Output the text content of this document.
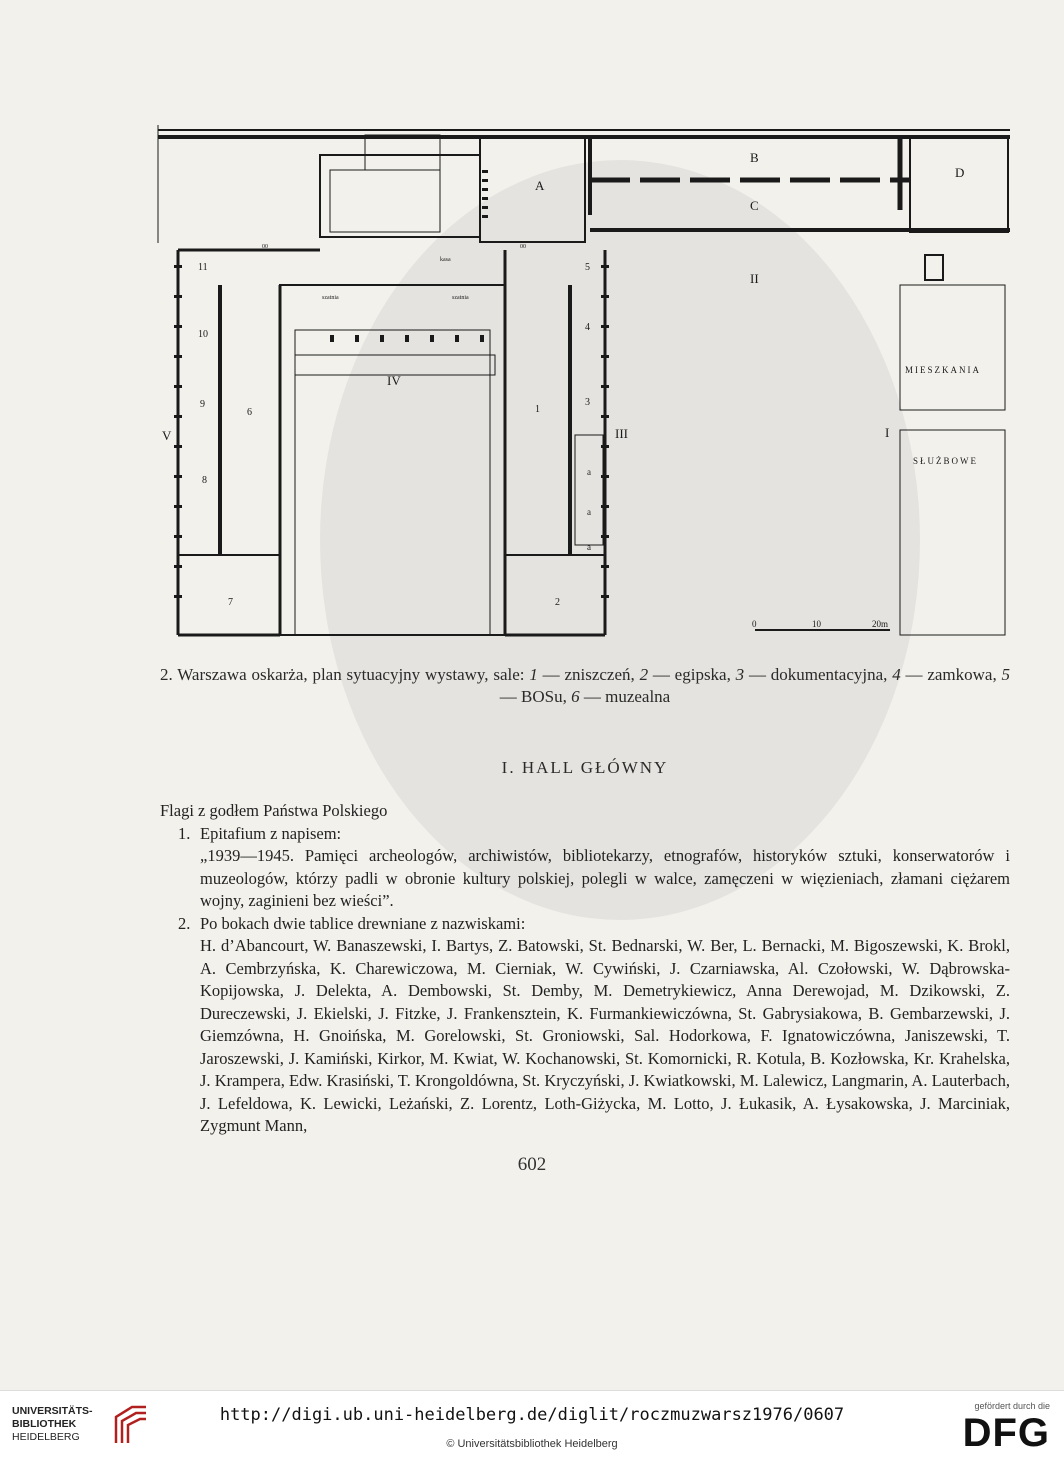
A
B
C
D
II
I
III
IV
V
1
2
3
4
5
6
7
8
9
10
11
a
a
a
szatnia	szatnia
kasa
00	00
MIESZKANIA
SŁUŻBOWE
0	10	20m
2. Warszawa oskarża, plan sytuacyjny wystawy, sale: 1 — zniszczeń, 2 — egipska, 3 — dokumentacyjna, 4 — zamkowa, 5 — BOSu, 6 — muzealna
I. HALL GŁÓWNY

Flagi z godłem Państwa Polskiego

1. Epitafium z napisem:

„1939—1945. Pamięci archeologów, archiwistów, bibliotekarzy, etnografów, historyków sztuki, konserwatorów i muzeologów, którzy padli w obronie kultury polskiej, polegli w walce, zamęczeni w więzieniach, złamani ciężarem wojny, zaginieni bez wieści”.

2. Po bokach dwie tablice drewniane z nazwiskami:

H. d’Abancourt, W. Banaszewski, I. Bartys, Z. Batowski, St. Bednarski, W. Ber, L. Bernacki, M. Bigoszewski, K. Brokl, A. Cembrzyńska, K. Charewiczowa, M. Cierniak, W. Cywiński, J. Czarniawska, Al. Czołowski, W. Dąbrowska-Kopijowska, J. Delekta, A. Dembowski, St. Demby, M. Demetrykiewicz, Anna Derewojad, M. Dzikowski, Z. Dureczewski, J. Ekielski, J. Fitzke, J. Frankensztein, K. Furmankiewiczówna, St. Gabrysiakowa, B. Gembarzewski, J. Giemzówna, H. Gnoińska, M. Gorelowski, St. Groniowski, Sal. Hodorkowa, F. Ignatowiczówna, Janiszewski, T. Jaroszewski, J. Kamiński, Kirkor, M. Kwiat, W. Kochanowski, St. Komornicki, R. Kotula, B. Kozłowska, Kr. Krahelska, J. Krampera, Edw. Krasiński, T. Krongoldówna, St. Kryczyński, J. Kwiatkowski, M. Lalewicz, Langmarin, A. Lauterbach, J. Lefeldowa, K. Lewicki, Leżański, Z. Lorentz, Loth-Giżycka, M. Lotto, J. Łukasik, A. Łysakowska, J. Marciniak, Zygmunt Mann,

602
UNIVERSITÄTS-
BIBLIOTHEK
HEIDELBERG
http://digi.ub.uni-heidelberg.de/diglit/roczmuzwarsz1976/0607
© Universitätsbibliothek Heidelberg
gefördert durch die
DFG
